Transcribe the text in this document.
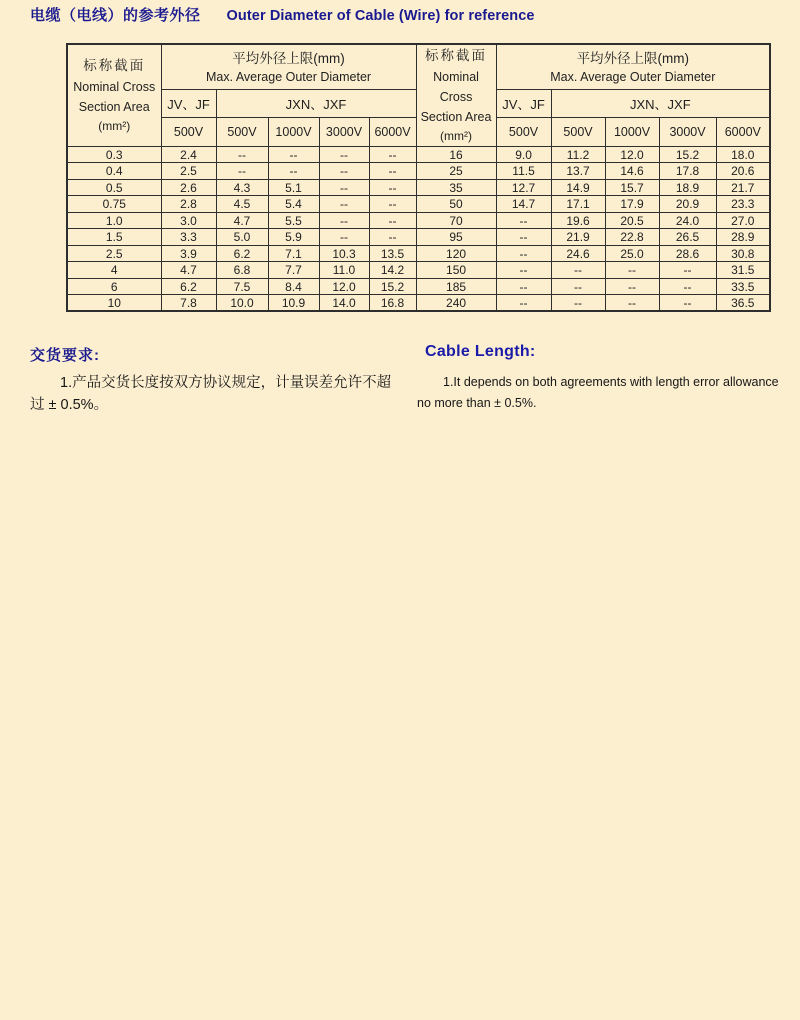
电缆（电线）的参考外径 Outer Diameter of Cable (Wire) for reference
标称截面
Nominal Cross
Section Area
(mm²)

平均外径上限(mm)
Max. Average Outer Diameter

标称截面
Nominal Cross
Section Area
(mm²)

平均外径上限(mm)
Max. Average Outer Diameter

	JV、JF	JXN、JXF					JV、JF	JXN、JXF			
	500V	500V	1000V	3000V	6000V		500V	500V	1000V	3000V	6000V
0.3	2.4	--	--	--	--	16	9.0	11.2	12.0	15.2	18.0
0.4	2.5	--	--	--	--	25	11.5	13.7	14.6	17.8	20.6
0.5	2.6	4.3	5.1	--	--	35	12.7	14.9	15.7	18.9	21.7
0.75	2.8	4.5	5.4	--	--	50	14.7	17.1	17.9	20.9	23.3
1.0	3.0	4.7	5.5	--	--	70	--	19.6	20.5	24.0	27.0
1.5	3.3	5.0	5.9	--	--	95	--	21.9	22.8	26.5	28.9
2.5	3.9	6.2	7.1	10.3	13.5	120	--	24.6	25.0	28.6	30.8
4	4.7	6.8	7.7	11.0	14.2	150	--	--	--	--	31.5
6	6.2	7.5	8.4	12.0	15.2	185	--	--	--	--	33.5
10	7.8	10.0	10.9	14.0	16.8	240	--	--	--	--	36.5
交货要求:
1.产品交货长度按双方协议规定，计量误差允许不超
过 ± 0.5%。
Cable Length:
1.It depends on both agreements with length error allowance
no more than ± 0.5%.
